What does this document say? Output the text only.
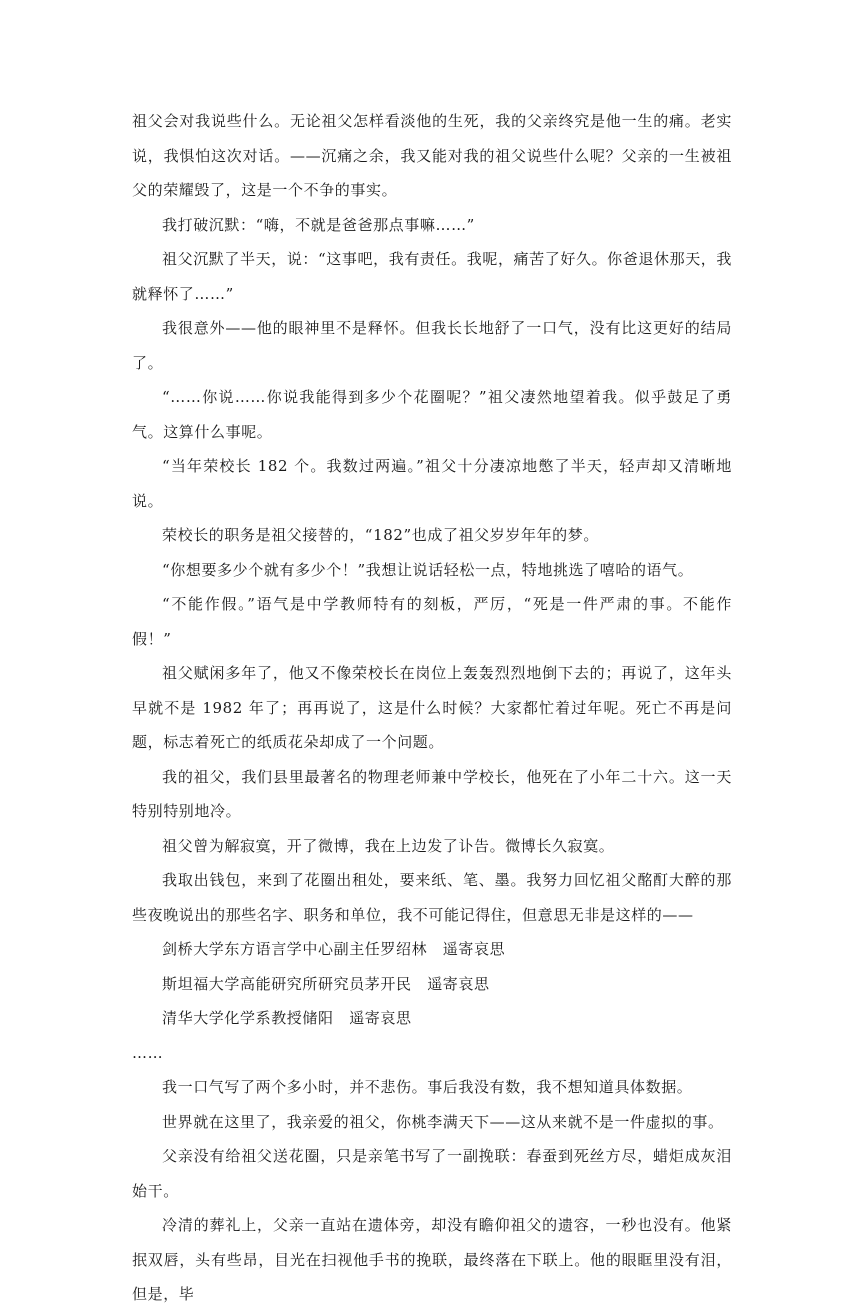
祖父会对我说些什么。无论祖父怎样看淡他的生死，我的父亲终究是他一生的痛。老实说，我惧怕这次对话。——沉痛之余，我又能对我的祖父说些什么呢？父亲的一生被祖父的荣耀毁了，这是一个不争的事实。

我打破沉默：“嗨，不就是爸爸那点事嘛……”

祖父沉默了半天，说：“这事吧，我有责任。我呢，痛苦了好久。你爸退休那天，我就释怀了……”

我很意外——他的眼神里不是释怀。但我长长地舒了一口气，没有比这更好的结局了。

“……你说……你说我能得到多少个花圈呢？”祖父凄然地望着我。似乎鼓足了勇气。这算什么事呢。

“当年荣校长 182 个。我数过两遍。”祖父十分凄凉地憋了半天，轻声却又清晰地说。

荣校长的职务是祖父接替的，“182”也成了祖父岁岁年年的梦。

“你想要多少个就有多少个！”我想让说话轻松一点，特地挑选了嘻哈的语气。

“不能作假。”语气是中学教师特有的刻板，严厉，“死是一件严肃的事。不能作假！”

祖父赋闲多年了，他又不像荣校长在岗位上轰轰烈烈地倒下去的；再说了，这年头早就不是 1982 年了；再再说了，这是什么时候？大家都忙着过年呢。死亡不再是问题，标志着死亡的纸质花朵却成了一个问题。

我的祖父，我们县里最著名的物理老师兼中学校长，他死在了小年二十六。这一天特别特别地冷。

祖父曾为解寂寞，开了微博，我在上边发了讣告。微博长久寂寞。

我取出钱包，来到了花圈出租处，要来纸、笔、墨。我努力回忆祖父酩酊大醉的那些夜晚说出的那些名字、职务和单位，我不可能记得住，但意思无非是这样的——

剑桥大学东方语言学中心副主任罗绍林　遥寄哀思

斯坦福大学高能研究所研究员茅开民　遥寄哀思

清华大学化学系教授储阳　遥寄哀思

……

我一口气写了两个多小时，并不悲伤。事后我没有数，我不想知道具体数据。

世界就在这里了，我亲爱的祖父，你桃李满天下——这从来就不是一件虚拟的事。

父亲没有给祖父送花圈，只是亲笔书写了一副挽联：春蚕到死丝方尽，蜡炬成灰泪始干。

冷清的葬礼上，父亲一直站在遗体旁，却没有瞻仰祖父的遗容，一秒也没有。他紧抿双唇，头有些昂，目光在扫视他手书的挽联，最终落在下联上。他的眼眶里没有泪，但是，毕
